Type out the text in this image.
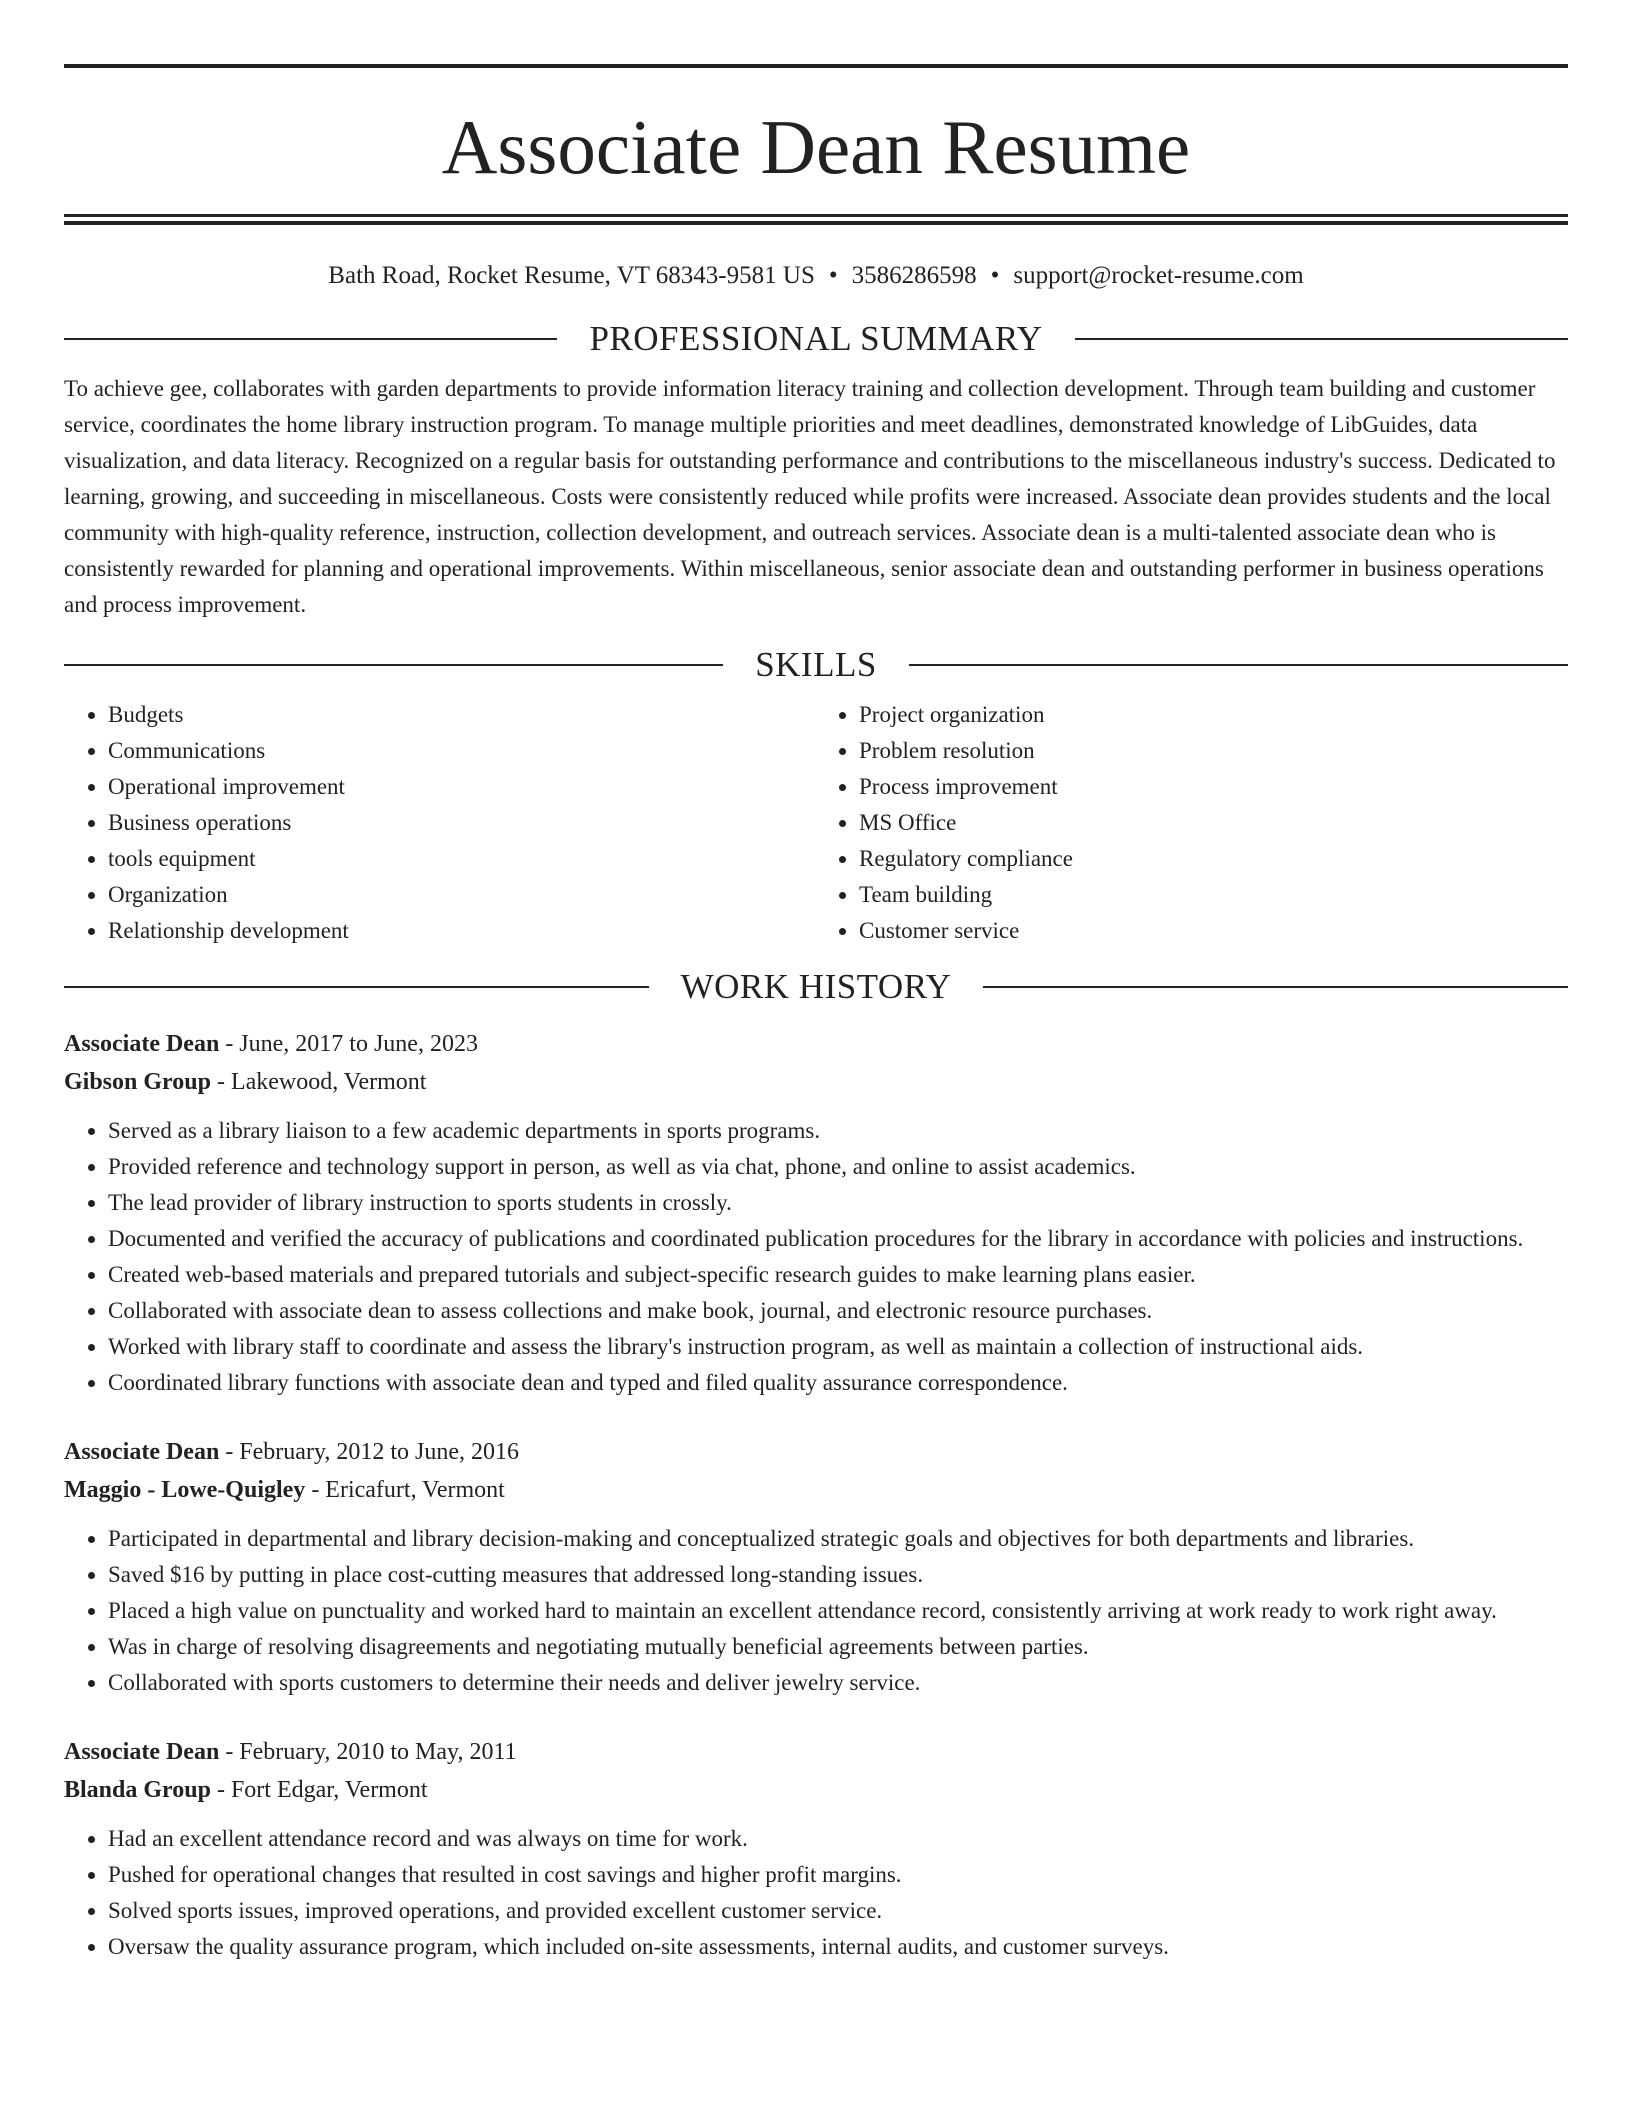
Associate Dean Resume
Bath Road, Rocket Resume, VT 68343-9581 US • 3586286598 • support@rocket-resume.com
PROFESSIONAL SUMMARY
To achieve gee, collaborates with garden departments to provide information literacy training and collection development. Through team building and customer service, coordinates the home library instruction program. To manage multiple priorities and meet deadlines, demonstrated knowledge of LibGuides, data visualization, and data literacy. Recognized on a regular basis for outstanding performance and contributions to the miscellaneous industry's success. Dedicated to learning, growing, and succeeding in miscellaneous. Costs were consistently reduced while profits were increased. Associate dean provides students and the local community with high-quality reference, instruction, collection development, and outreach services. Associate dean is a multi-talented associate dean who is consistently rewarded for planning and operational improvements. Within miscellaneous, senior associate dean and outstanding performer in business operations and process improvement.
SKILLS
• Budgets
• Communications
• Operational improvement
• Business operations
• tools equipment
• Organization
• Relationship development
• Project organization
• Problem resolution
• Process improvement
• MS Office
• Regulatory compliance
• Team building
• Customer service
WORK HISTORY
Associate Dean - June, 2017 to June, 2023
Gibson Group - Lakewood, Vermont
• Served as a library liaison to a few academic departments in sports programs.
• Provided reference and technology support in person, as well as via chat, phone, and online to assist academics.
• The lead provider of library instruction to sports students in crossly.
• Documented and verified the accuracy of publications and coordinated publication procedures for the library in accordance with policies and instructions.
• Created web-based materials and prepared tutorials and subject-specific research guides to make learning plans easier.
• Collaborated with associate dean to assess collections and make book, journal, and electronic resource purchases.
• Worked with library staff to coordinate and assess the library's instruction program, as well as maintain a collection of instructional aids.
• Coordinated library functions with associate dean and typed and filed quality assurance correspondence.
Associate Dean - February, 2012 to June, 2016
Maggio - Lowe-Quigley - Ericafurt, Vermont
• Participated in departmental and library decision-making and conceptualized strategic goals and objectives for both departments and libraries.
• Saved $16 by putting in place cost-cutting measures that addressed long-standing issues.
• Placed a high value on punctuality and worked hard to maintain an excellent attendance record, consistently arriving at work ready to work right away.
• Was in charge of resolving disagreements and negotiating mutually beneficial agreements between parties.
• Collaborated with sports customers to determine their needs and deliver jewelry service.
Associate Dean - February, 2010 to May, 2011
Blanda Group - Fort Edgar, Vermont
• Had an excellent attendance record and was always on time for work.
• Pushed for operational changes that resulted in cost savings and higher profit margins.
• Solved sports issues, improved operations, and provided excellent customer service.
• Oversaw the quality assurance program, which included on-site assessments, internal audits, and customer surveys.
